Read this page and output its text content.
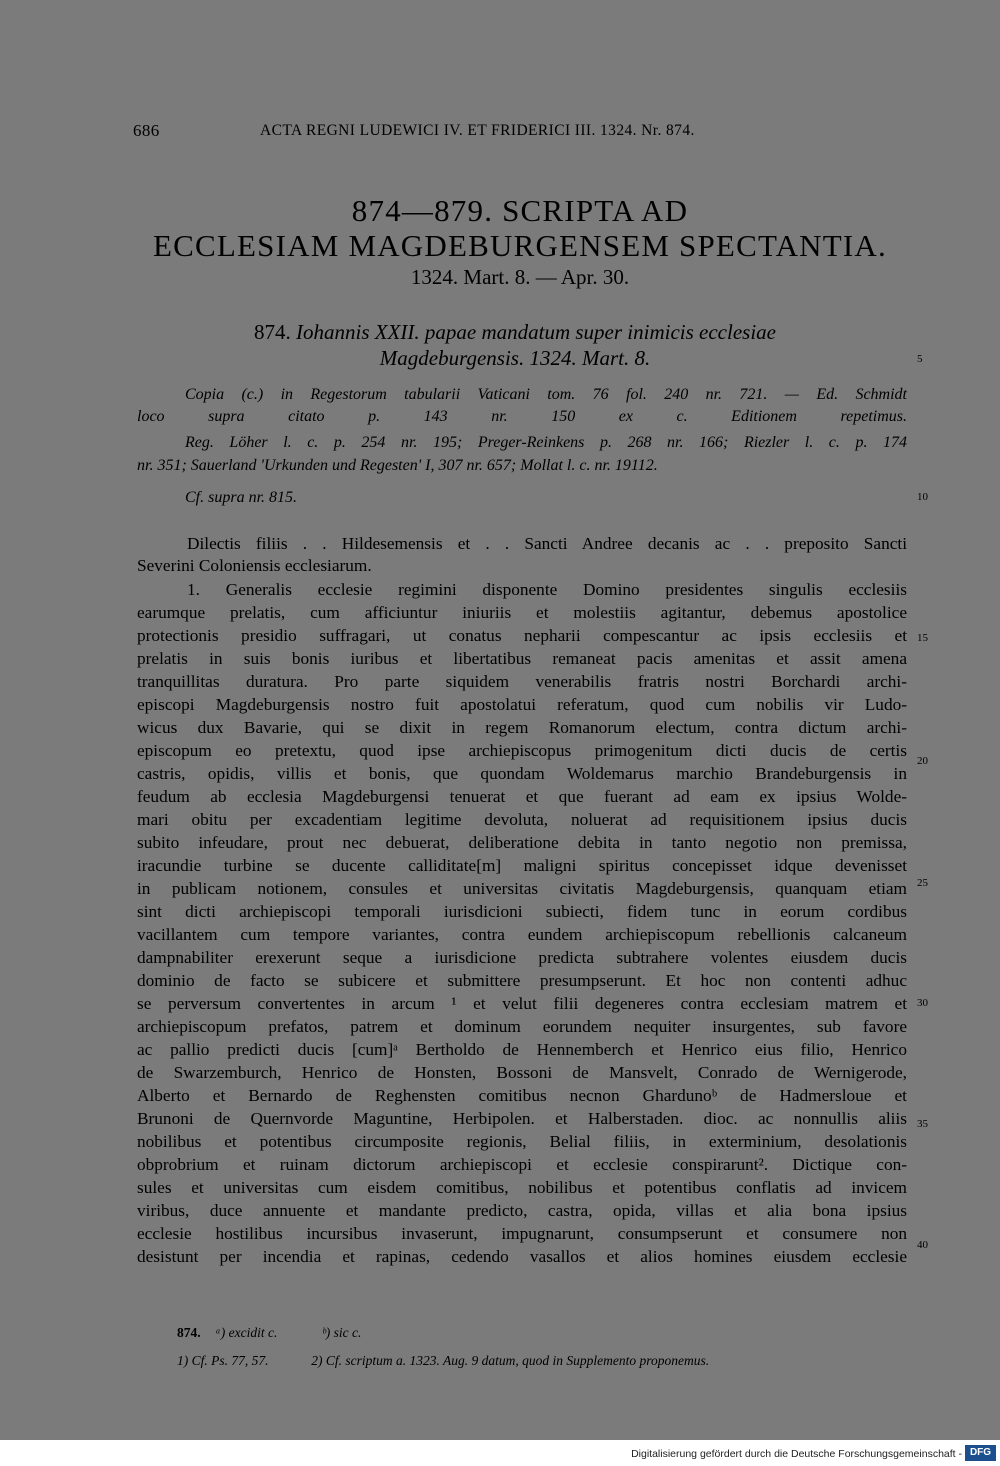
686	ACTA REGNI LUDEWICI IV. ET FRIDERICI III. 1324. Nr. 874.
874—879. SCRIPTA AD
ECCLESIAM MAGDEBURGENSEM SPECTANTIA.
1324. Mart. 8. — Apr. 30.
874. Iohannis XXII. papae mandatum super inimicis ecclesiae
Magdeburgensis. 1324. Mart. 8.
Copia (c.) in Regestorum tabularii Vaticani tom. 76 fol. 240 nr. 721. — Ed. Schmidt
loco supra citato p. 143 nr. 150 ex c. Editionem repetimus.
Reg. Löher l. c. p. 254 nr. 195; Preger-Reinkens p. 268 nr. 166; Riezler l. c. p. 174
nr. 351; Sauerland 'Urkunden und Regesten' I, 307 nr. 657; Mollat l. c. nr. 19112.
Cf. supra nr. 815.
Dilectis filiis . . Hildesemensis et . . Sancti Andree decanis ac . . preposito Sancti
Severini Coloniensis ecclesiarum.
1. Generalis ecclesie regimini disponente Domino presidentes singulis ecclesiis
earumque prelatis, cum afficiuntur iniuriis et molestiis agitantur, debemus apostolice
protectionis presidio suffragari, ut conatus nepharii compescantur ac ipsis ecclesiis et
prelatis in suis bonis iuribus et libertatibus remaneat pacis amenitas et assit amena
tranquillitas duratura. Pro parte siquidem venerabilis fratris nostri Borchardi archi-
episcopi Magdeburgensis nostro fuit apostolatui referatum, quod cum nobilis vir Ludo-
wicus dux Bavarie, qui se dixit in regem Romanorum electum, contra dictum archi-
episcopum eo pretextu, quod ipse archiepiscopus primogenitum dicti ducis de certis
castris, opidis, villis et bonis, que quondam Woldemarus marchio Brandeburgensis in
feudum ab ecclesia Magdeburgensi tenuerat et que fuerant ad eam ex ipsius Wolde-
mari obitu per excadentiam legitime devoluta, noluerat ad requisitionem ipsius ducis
subito infeudare, prout nec debuerat, deliberatione debita in tanto negotio non premissa,
iracundie turbine se ducente calliditate[m] maligni spiritus concepisset idque devenisset
in publicam notionem, consules et universitas civitatis Magdeburgensis, quanquam etiam
sint dicti archiepiscopi temporali iurisdicioni subiecti, fidem tunc in eorum cordibus
vacillantem cum tempore variantes, contra eundem archiepiscopum rebellionis calcaneum
dampnabiliter erexerunt seque a iurisdicione predicta subtrahere volentes eiusdem ducis
dominio de facto se subicere et submittere presumpserunt. Et hoc non contenti adhuc
se perversum convertentes in arcum ¹ et velut filii degeneres contra ecclesiam matrem et
archiepiscopum prefatos, patrem et dominum eorundem nequiter insurgentes, sub favore
ac pallio predicti ducis [cum]ᵃ Bertholdo de Hennemberch et Henrico eius filio, Henrico
de Swarzemburch, Henrico de Honsten, Bossoni de Mansvelt, Conrado de Wernigerode,
Alberto et Bernardo de Reghensten comitibus necnon Ghardunoᵇ de Hadmersloue et
Brunoni de Quernvorde Maguntine, Herbipolen. et Halberstaden. dioc. ac nonnullis aliis
nobilibus et potentibus circumposite regionis, Belial filiis, in exterminium, desolationis
obprobrium et ruinam dictorum archiepiscopi et ecclesie conspirarunt². Dictique con-
sules et universitas cum eisdem comitibus, nobilibus et potentibus conflatis ad invicem
viribus, duce annuente et mandante predicto, castra, opida, villas et alia bona ipsius
ecclesie hostilibus incursibus invaserunt, impugnarunt, consumpserunt et consumere non
desistunt per incendia et rapinas, cedendo vasallos et alios homines eiusdem ecclesie
5
10
15
20
25
30
35
40
874. ᵃ) excidit c.	ᵇ) sic c.
1) Cf. Ps. 77, 57.	2) Cf. scriptum a. 1323. Aug. 9 datum, quod in Supplemento proponemus.
Digitalisierung gefördert durch die Deutsche Forschungsgemeinschaft - DFG
